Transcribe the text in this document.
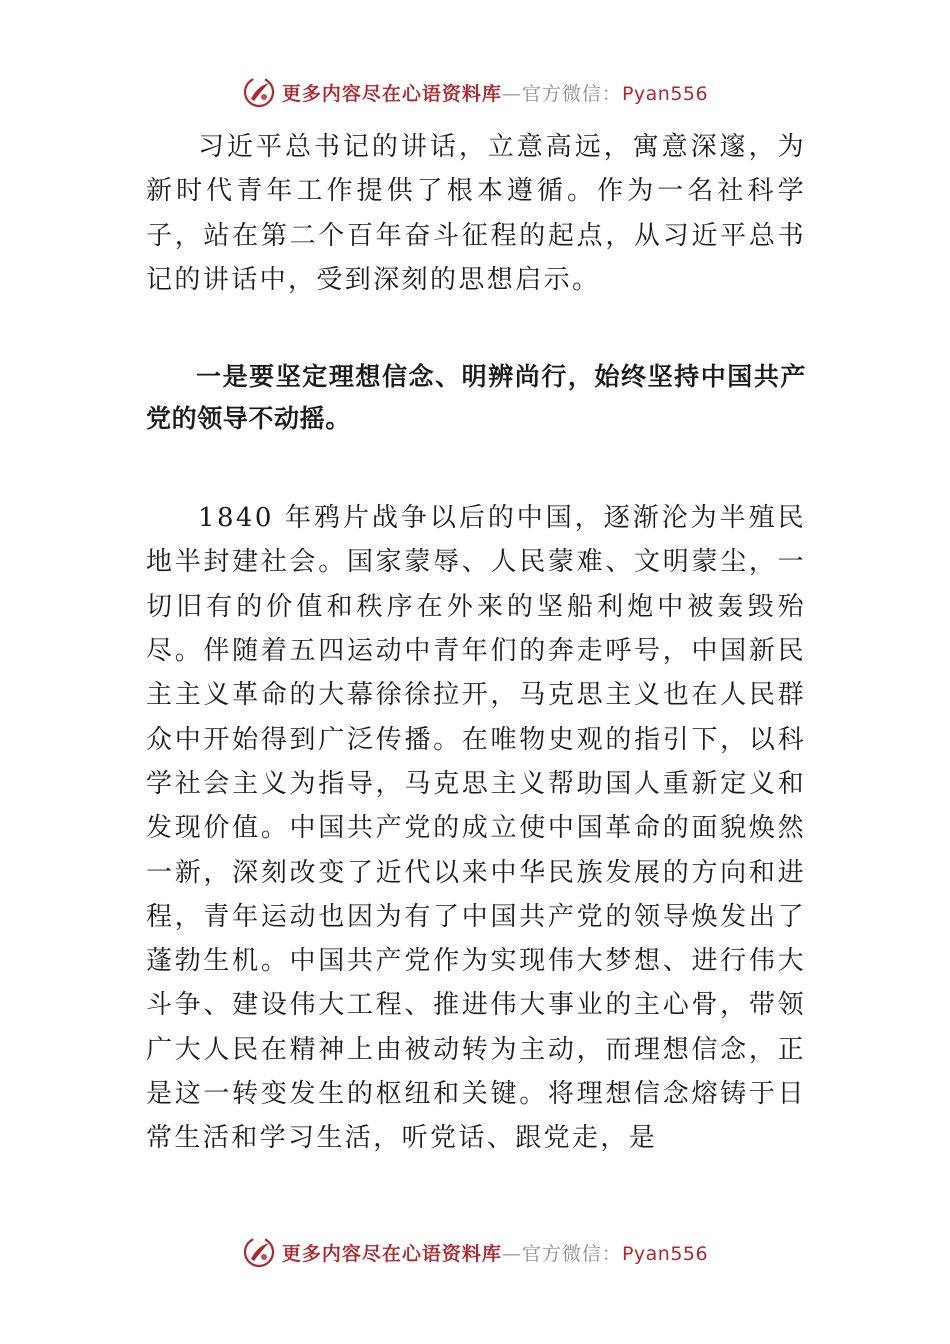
更多内容尽在心语资料库—官方微信：Pyan556

习近平总书记的讲话，立意高远，寓意深邃，为新时代青年工作提供了根本遵循。作为一名社科学子，站在第二个百年奋斗征程的起点，从习近平总书记的讲话中，受到深刻的思想启示。

一是要坚定理想信念、明辨尚行，始终坚持中国共产党的领导不动摇。

1840 年鸦片战争以后的中国，逐渐沦为半殖民地半封建社会。国家蒙辱、人民蒙难、文明蒙尘，一切旧有的价值和秩序在外来的坚船利炮中被轰毁殆尽。伴随着五四运动中青年们的奔走呼号，中国新民主主义革命的大幕徐徐拉开，马克思主义也在人民群众中开始得到广泛传播。在唯物史观的指引下，以科学社会主义为指导，马克思主义帮助国人重新定义和发现价值。中国共产党的成立使中国革命的面貌焕然一新，深刻改变了近代以来中华民族发展的方向和进程，青年运动也因为有了中国共产党的领导焕发出了蓬勃生机。中国共产党作为实现伟大梦想、进行伟大斗争、建设伟大工程、推进伟大事业的主心骨，带领广大人民在精神上由被动转为主动，而理想信念，正是这一转变发生的枢纽和关键。将理想信念熔铸于日常生活和学习生活，听党话、跟党走，是

更多内容尽在心语资料库—官方微信：Pyan556
